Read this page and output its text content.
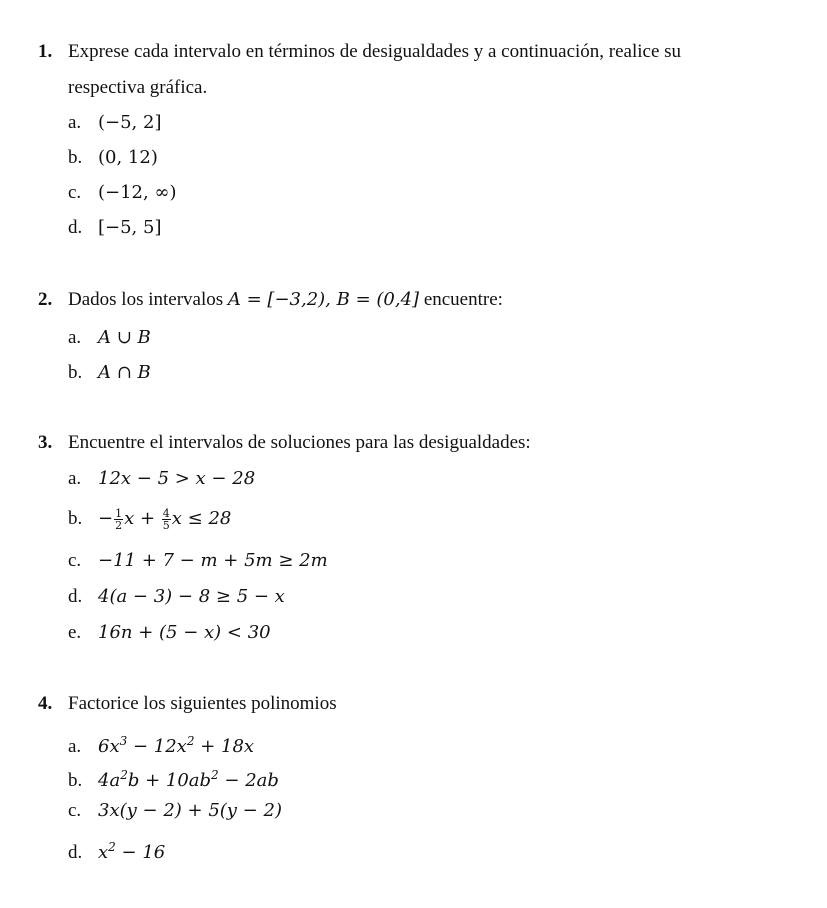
1. Exprese cada intervalo en términos de desigualdades y a continuación, realice su
respectiva gráfica.
a. (−5, 2]
b. (0, 12)
c. (−12, ∞)
d. [−5, 5]
2. Dados los intervalos A = [−3,2), B = (0,4] encuentre:
a. A ∪ B
b. A ∩ B
3. Encuentre el intervalos de soluciones para las desigualdades:
a. 12x − 5 > x − 28
b. − $\frac{1}{2}$ $x + \frac{4}{5}$ x ≤ 28
c. −11 + 7 − m + 5m ≥ 2m
d. 4(a − 3) − 8 ≥ 5 − x
e. 16n + (5 − x) < 30
4. Factorice los siguientes polinomios
a. $6x^3 - 12x^2 + 18x$
b. $4a^2b + 10ab^2 - 2ab$
c. 3x(y − 2) + 5(y − 2)
d. $x^2 - 16$
